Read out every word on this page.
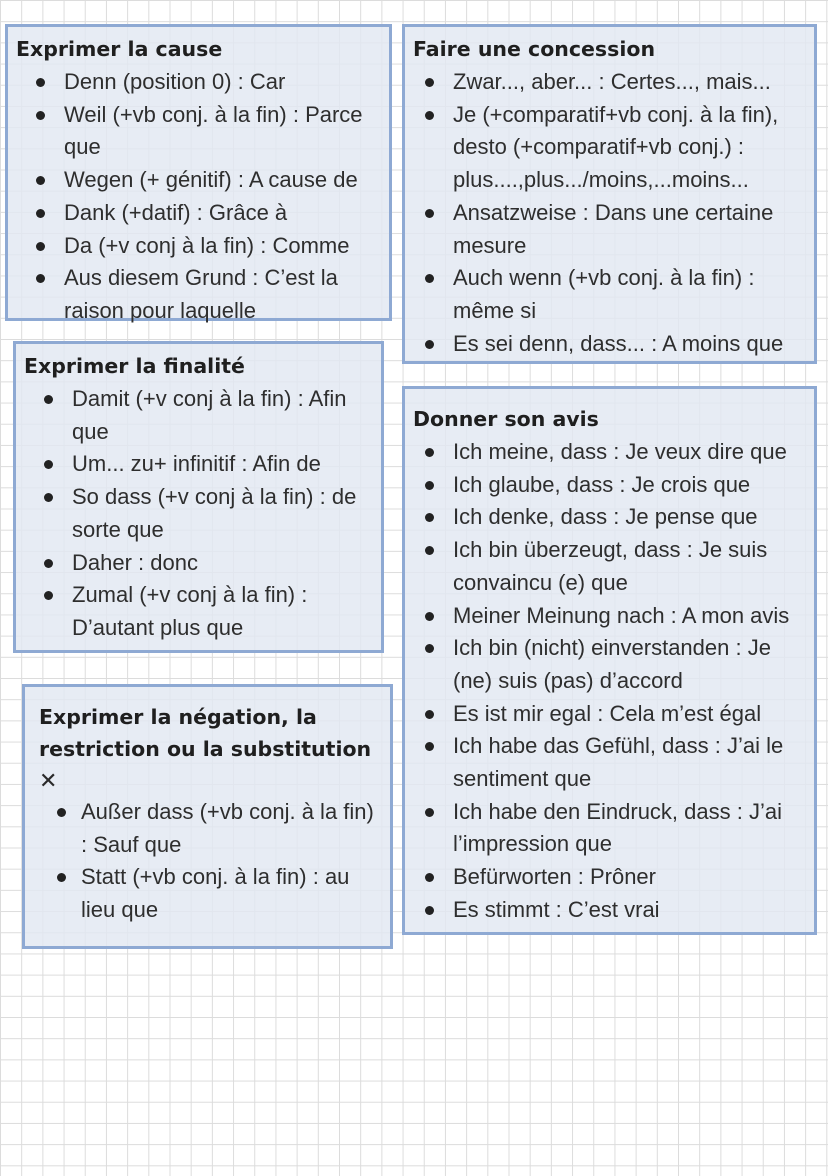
Exprimer la cause
Denn (position 0) : Car
Weil (+vb conj. à la fin) : Parce que
Wegen (+ génitif) : A cause de
Dank (+datif) : Grâce à
Da (+v conj à la fin) : Comme
Aus diesem Grund : C’est la raison pour laquelle
Exprimer la finalité
Damit (+v conj à la fin) : Afin que
Um... zu+ infinitif : Afin de
So dass (+v conj à la fin) : de sorte que
Daher : donc
Zumal (+v conj à la fin) : D’autant plus que
Exprimer la négation, la restriction ou la substitution
✕
Außer dass (+vb conj. à la fin) : Sauf que
Statt (+vb conj. à la fin) : au lieu que
Faire une concession
Zwar..., aber... : Certes..., mais...
Je (+comparatif+vb conj. à la fin), desto (+comparatif+vb conj.) : plus....,plus.../moins,...moins...
Ansatzweise : Dans une certaine mesure
Auch wenn (+vb conj. à la fin) : même si
Es sei denn, dass... : A moins que
Donner son avis
Ich meine, dass : Je veux dire que
Ich glaube, dass : Je crois que
Ich denke, dass : Je pense que
Ich bin überzeugt, dass : Je suis convaincu (e) que
Meiner Meinung nach : A mon avis
Ich bin (nicht) einverstanden : Je (ne) suis (pas) d’accord
Es ist mir egal : Cela m’est égal
Ich habe das Gefühl, dass : J’ai le sentiment que
Ich habe den Eindruck, dass : J’ai l’impression que
Befürworten : Prôner
Es stimmt : C’est vrai
